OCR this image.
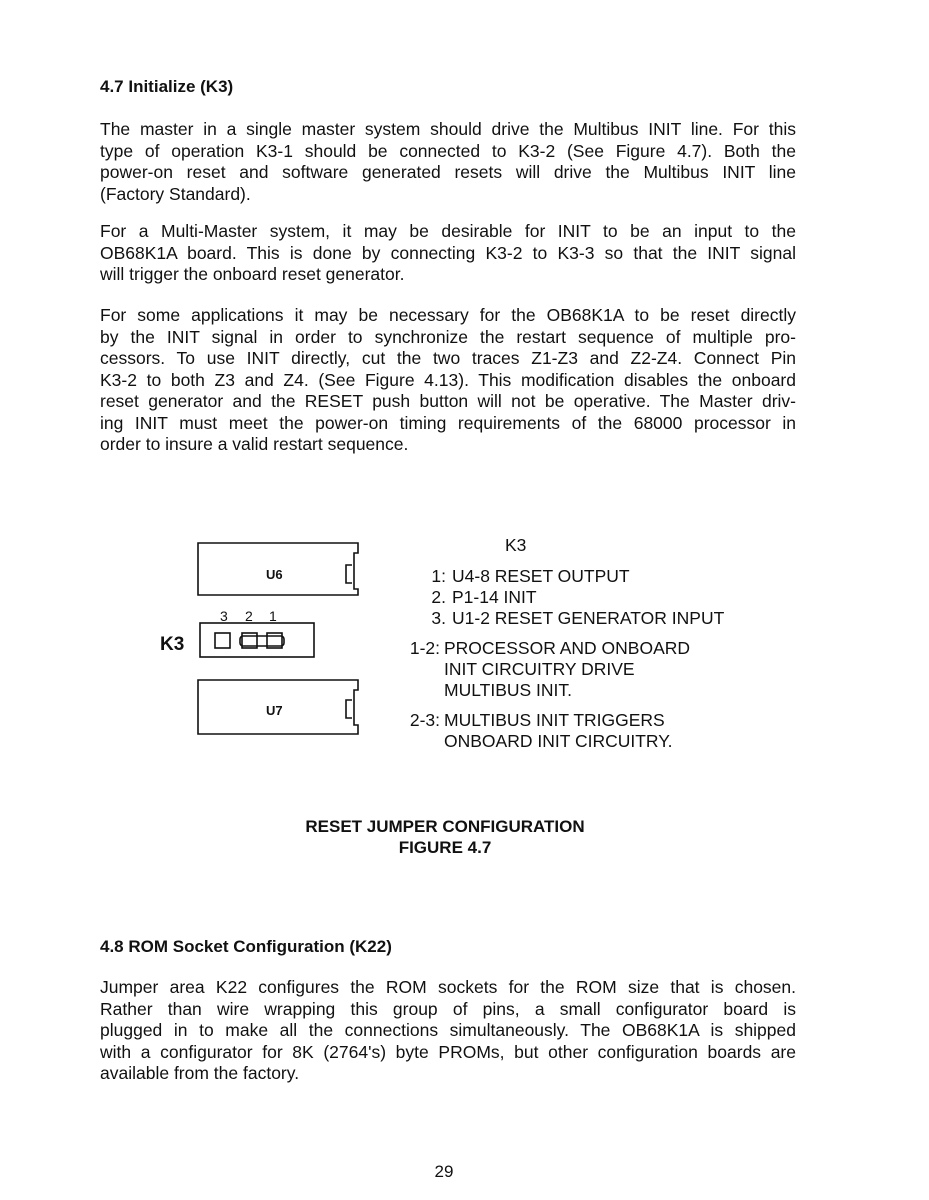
4.7 Initialize (K3)
The master in a single master system should drive the Multibus INIT line. For this
type of operation K3-1 should be connected to K3-2 (See Figure 4.7). Both the
power-on reset and software generated resets will drive the Multibus INIT line
(Factory Standard).
For a Multi-Master system, it may be desirable for INIT to be an input to the
OB68K1A board. This is done by connecting K3-2 to K3-3 so that the INIT signal
will trigger the onboard reset generator.
For some applications it may be necessary for the OB68K1A to be reset directly
by the INIT signal in order to synchronize the restart sequence of multiple pro-
cessors. To use INIT directly, cut the two traces Z1-Z3 and Z2-Z4. Connect Pin
K3-2 to both Z3 and Z4. (See Figure 4.13). This modification disables the onboard
reset generator and the RESET push button will not be operative. The Master driv-
ing INIT must meet the power-on timing requirements of the 68000 processor in
order to insure a valid restart sequence.
U6
3 2 1
K3
U7
K3
1: U4-8 RESET OUTPUT
2. P1-14 INIT
3. U1-2 RESET GENERATOR INPUT
1-2: PROCESSOR AND ONBOARD
INIT CIRCUITRY DRIVE
MULTIBUS INIT.
2-3: MULTIBUS INIT TRIGGERS
ONBOARD INIT CIRCUITRY.
RESET JUMPER CONFIGURATION
FIGURE 4.7
4.8 ROM Socket Configuration (K22)
Jumper area K22 configures the ROM sockets for the ROM size that is chosen.
Rather than wire wrapping this group of pins, a small configurator board is
plugged in to make all the connections simultaneously. The OB68K1A is shipped
with a configurator for 8K (2764's) byte PROMs, but other configuration boards are
available from the factory.
29
